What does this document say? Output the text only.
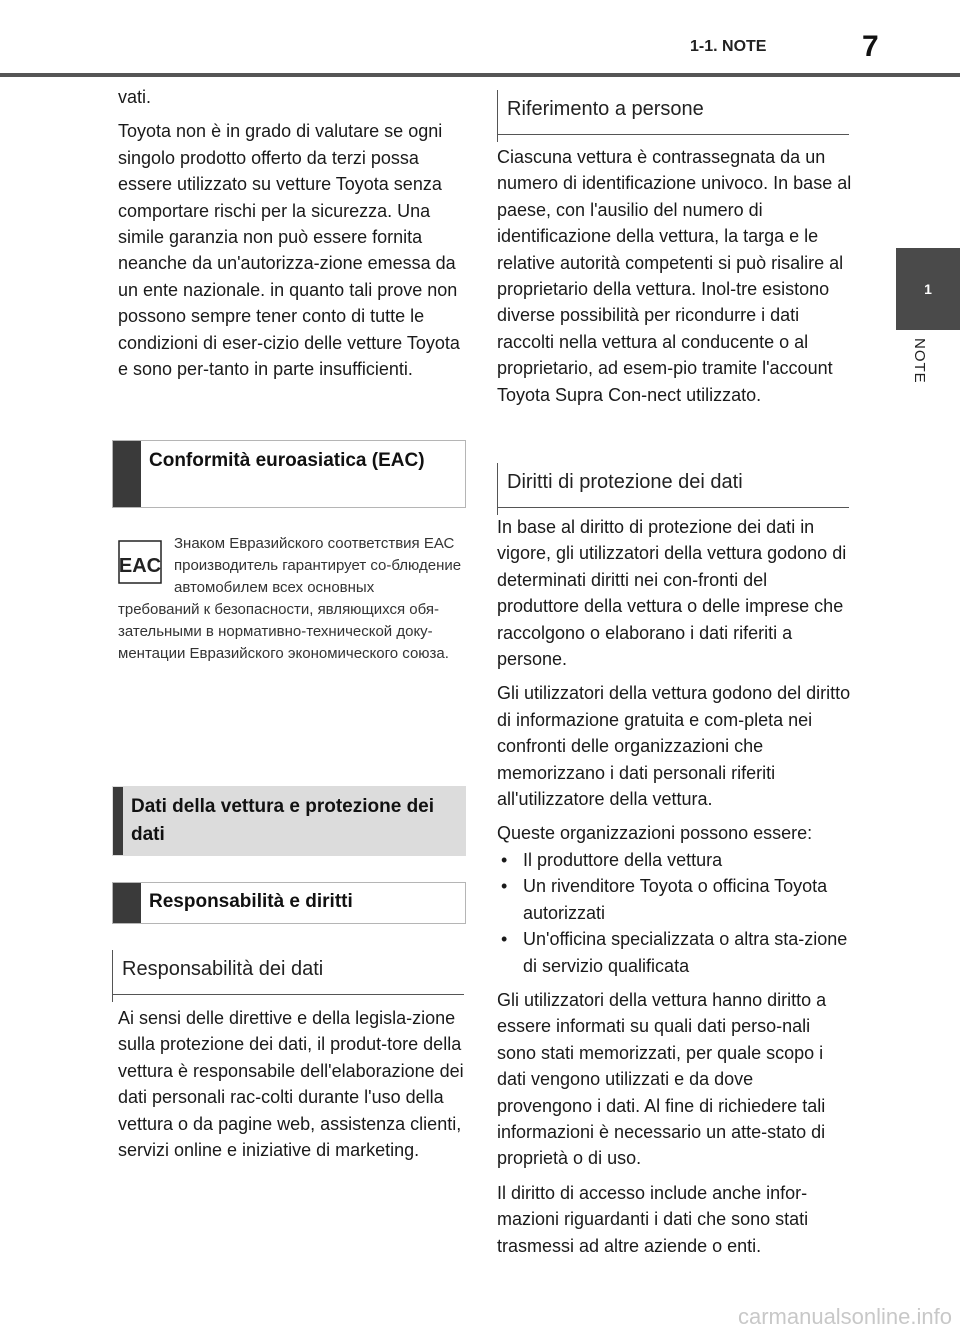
1-1. NOTE	7
1
NOTE

vati.

Toyota non è in grado di valutare se ogni singolo prodotto offerto da terzi possa essere utilizzato su vetture Toyota senza comportare rischi per la sicurezza. Una simile garanzia non può essere fornita neanche da un'autorizza-zione emessa da un ente nazionale. in quanto tali prove non possono sempre tener conto di tutte le condizioni di eser-cizio delle vetture Toyota e sono per-tanto in parte insufficienti.

Conformità euroasiatica (EAC)
EAC
Знаком Евразийского соответствия ЕАС производитель гарантирует со-блюдение автомобилем всех основных
требований к безопасности, являющихся обя-зательными в нормативно-технической доку-ментации Евразийского экономического союза.
Dati della vettura e protezione dei dati
Responsabilità e diritti
Responsabilità dei dati

Ai sensi delle direttive e della legisla-zione sulla protezione dei dati, il produt-tore della vettura è responsabile dell'elaborazione dei dati personali rac-colti durante l'uso della vettura o da pagine web, assistenza clienti, servizi online e iniziative di marketing.

Riferimento a persone

Ciascuna vettura è contrassegnata da un numero di identificazione univoco. In base al paese, con l'ausilio del numero di identificazione della vettura, la targa e le relative autorità competenti si può risalire al proprietario della vettura. Inol-tre esistono diverse possibilità per ricondurre i dati raccolti nella vettura al conducente o al proprietario, ad esem-pio tramite l'account Toyota Supra Con-nect utilizzato.

Diritti di protezione dei dati

In base al diritto di protezione dei dati in vigore, gli utilizzatori della vettura godono di determinati diritti nei con-fronti del produttore della vettura o delle imprese che raccolgono o elaborano i dati riferiti a persone.

Gli utilizzatori della vettura godono del diritto di informazione gratuita e com-pleta nei confronti delle organizzazioni che memorizzano i dati personali riferiti all'utilizzatore della vettura.

Queste organizzazioni possono essere:

• Il produttore della vettura
• Un rivenditore Toyota o officina Toyota autorizzati
• Un'officina specializzata o altra sta-zione di servizio qualificata

Gli utilizzatori della vettura hanno diritto a essere informati su quali dati perso-nali sono stati memorizzati, per quale scopo i dati vengono utilizzati e da dove provengono i dati. Al fine di richiedere tali informazioni è necessario un atte-stato di proprietà o di uso.

Il diritto di accesso include anche infor-mazioni riguardanti i dati che sono stati trasmessi ad altre aziende o enti.

carmanualsonline.info
